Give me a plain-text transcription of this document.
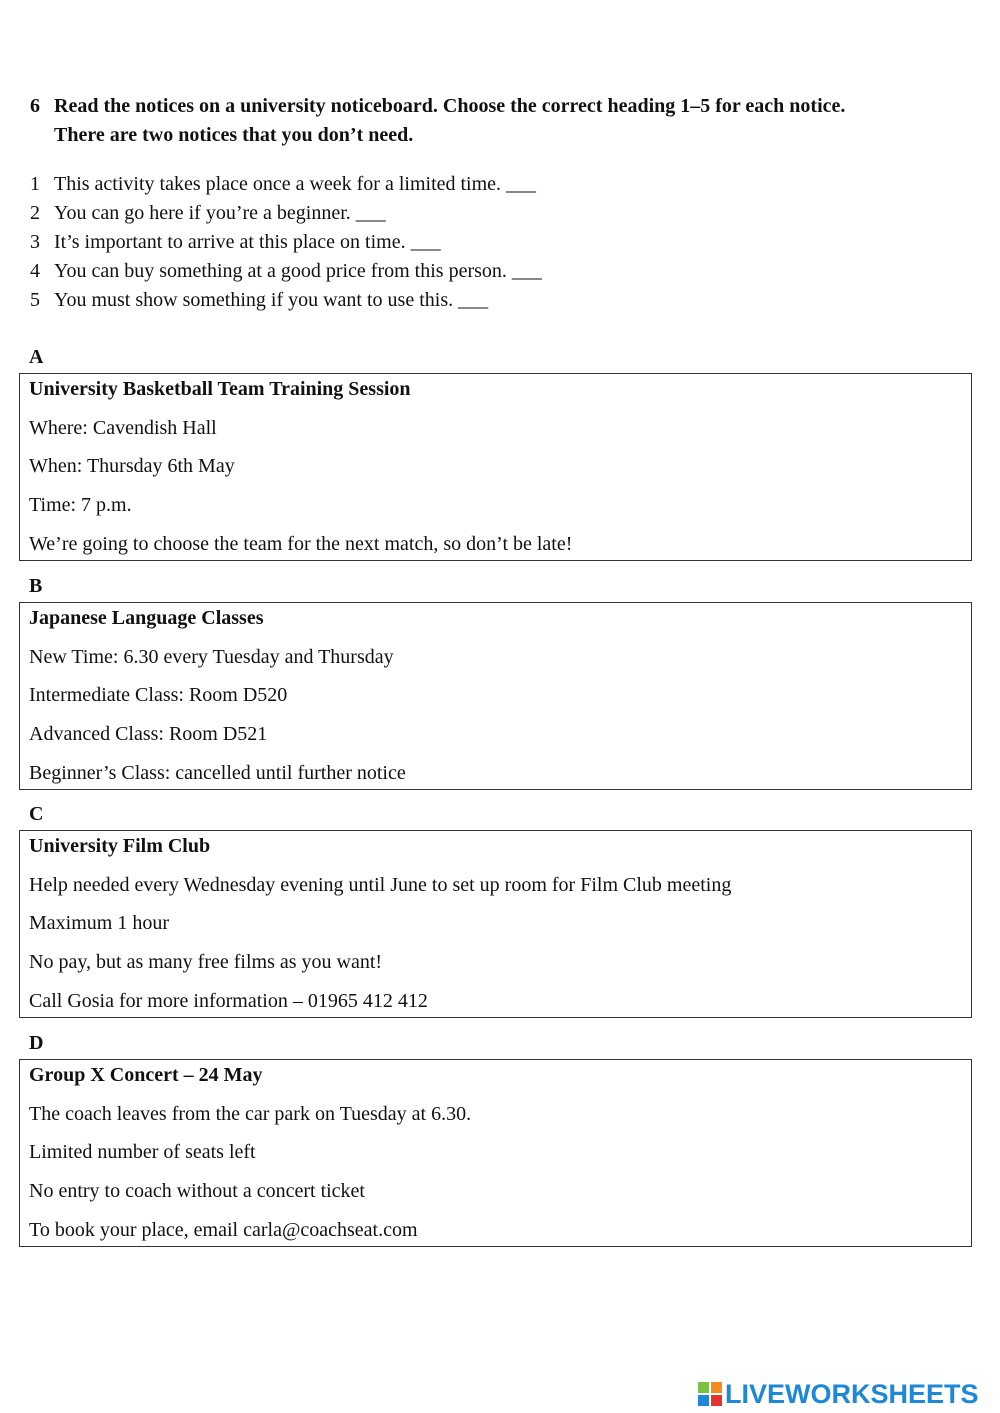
6 Read the notices on a university noticeboard. Choose the correct heading 1–5 for each notice.
There are two notices that you don’t need.
1 This activity takes place once a week for a limited time. ___
2 You can go here if you’re a beginner. ___
3 It’s important to arrive at this place on time. ___
4 You can buy something at a good price from this person. ___
5 You must show something if you want to use this. ___
A
University Basketball Team Training Session
Where: Cavendish Hall
When: Thursday 6th May
Time: 7 p.m.
We’re going to choose the team for the next match, so don’t be late!
B
Japanese Language Classes
New Time: 6.30 every Tuesday and Thursday
Intermediate Class: Room D520
Advanced Class: Room D521
Beginner’s Class: cancelled until further notice
C
University Film Club
Help needed every Wednesday evening until June to set up room for Film Club meeting
Maximum 1 hour
No pay, but as many free films as you want!
Call Gosia for more information – 01965 412 412
D
Group X Concert – 24 May
The coach leaves from the car park on Tuesday at 6.30.
Limited number of seats left
No entry to coach without a concert ticket
To book your place, email carla@coachseat.com
LIVEWORKSHEETS
